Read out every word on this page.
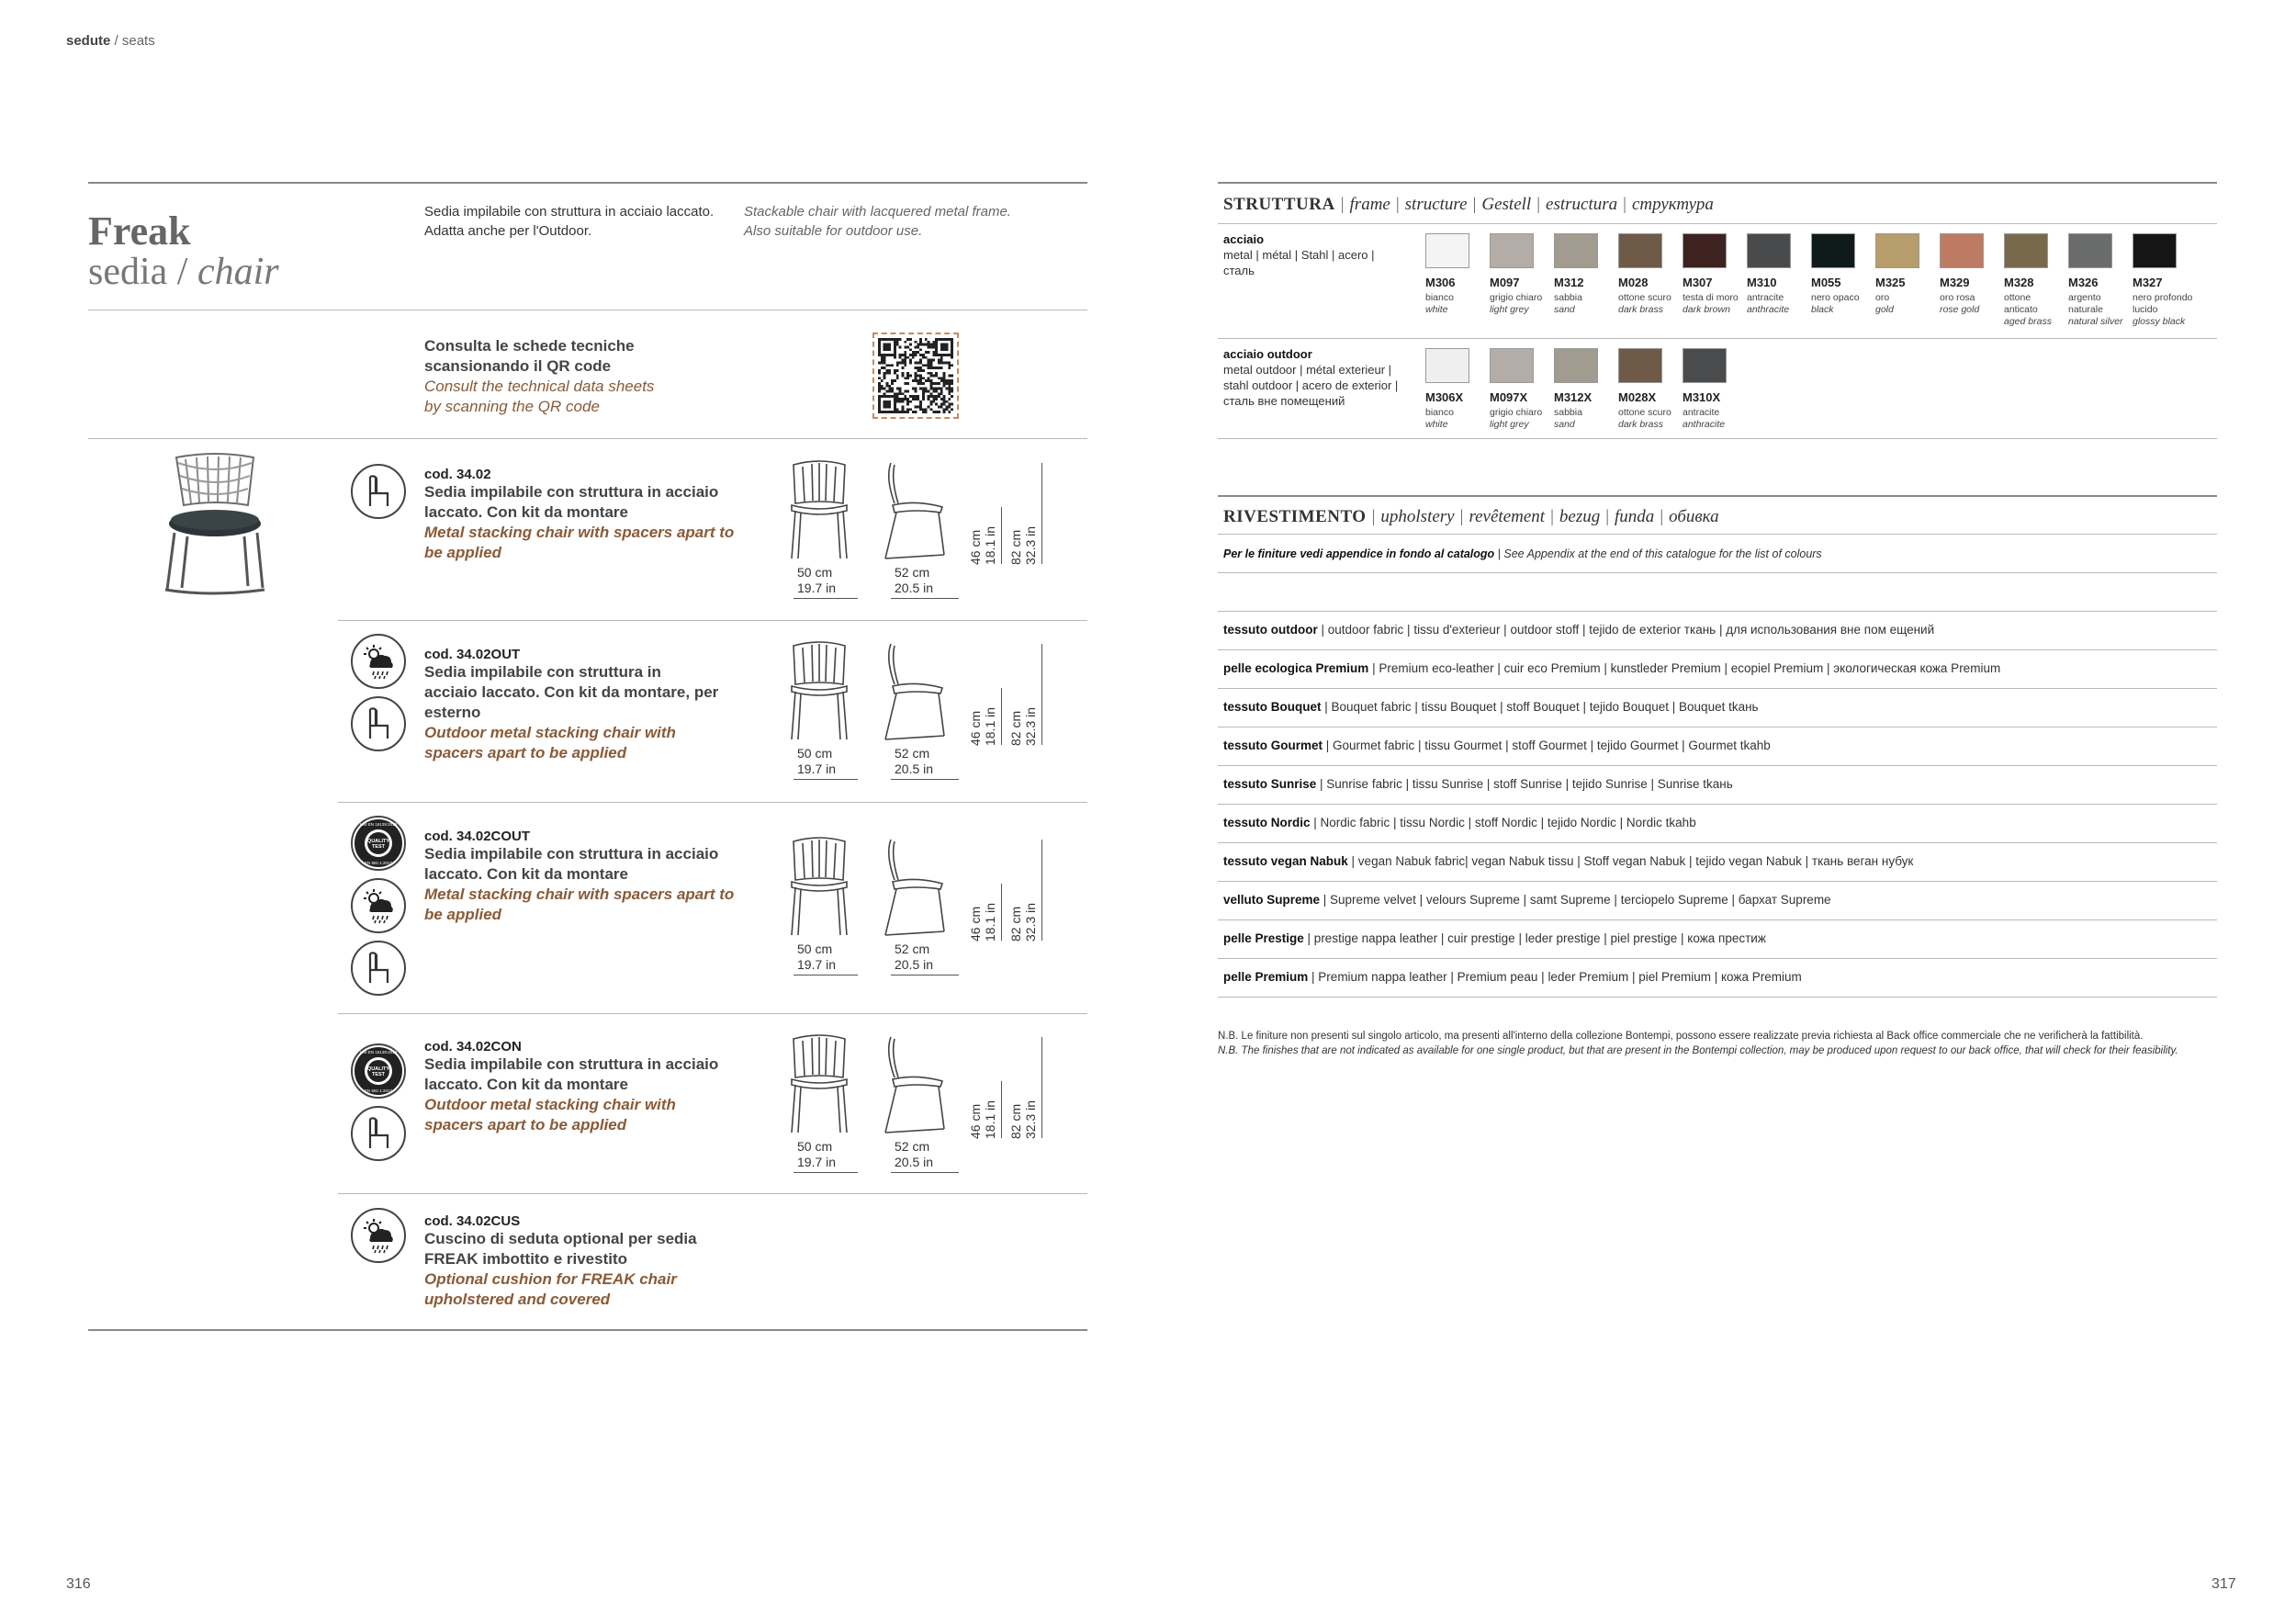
sedute / seats
316	317
Freak
sedia / chair
Sedia impilabile con struttura in acciaio laccato.
Adatta anche per l'Outdoor.
Stackable chair with lacquered metal frame.
Also suitable for outdoor use.
Consulta le schede tecniche
scansionando il QR code
Consult the technical data sheets
by scanning the QR code
cod. 34.02
Sedia impilabile con struttura in acciaio
laccato. Con kit da montare
Metal stacking chair with spacers apart to
be applied
cod. 34.02OUT
Sedia impilabile con struttura in
acciaio laccato. Con kit da montare, per
esterno
Outdoor metal stacking chair with
spacers apart to be applied
QUALITY
TEST
UNI EN 16139:2013
EN 581:1:2017
cod. 34.02COUT
Sedia impilabile con struttura in acciaio
laccato. Con kit da montare
Metal stacking chair with spacers apart to
be applied
QUALITY
TEST
UNI EN 16139:2013
EN 581:1:2017
cod. 34.02CON
Sedia impilabile con struttura in acciaio
laccato. Con kit da montare
Outdoor metal stacking chair with
spacers apart to be applied
cod. 34.02CUS
Cuscino di seduta optional per sedia
FREAK imbottito e rivestito
Optional cushion for FREAK chair
upholstered and covered
50 cm
19.7 in
52 cm
20.5 in
46 cm 18.1 in 82 cm 32.3 in
50 cm
19.7 in
52 cm
20.5 in
46 cm 18.1 in 82 cm 32.3 in
50 cm
19.7 in
52 cm
20.5 in
46 cm 18.1 in 82 cm 32.3 in
50 cm
19.7 in
52 cm
20.5 in
46 cm 18.1 in 82 cm 32.3 in
STRUTTURA | frame | structure | Gestell | estructura | структура
acciaio
metal | métal | Stahl | acero |
сталь
M306
bianco
white
M097
grigio chiaro
light grey
M312
sabbia
sand
M028
ottone scuro
dark brass
M307
testa di moro
dark brown
M310
antracite
anthracite
M055
nero opaco
black
M325
oro
gold
M329
oro rosa
rose gold
M328
ottone anticato
aged brass
M326
argento naturale
natural silver
M327
nero profondo lucido
glossy black
acciaio outdoor
metal outdoor | métal exterieur |
stahl outdoor | acero de exterior |
сталь вне помещений	M306X
bianco
white
M097X
grigio chiaro
light grey
M312X
sabbia
sand
M028X
ottone scuro
dark brass
M310X
antracite
anthracite
RIVESTIMENTO | upholstery | revêtement | bezug | funda | обивка
Per le finiture vedi appendice in fondo al catalogo | See Appendix at the end of this catalogue for the list of colours
tessuto outdoor | outdoor fabric | tissu d'exterieur | outdoor stoff | tejido de exterior ткань | для использования вне пом ещений
pelle ecologica Premium | Premium eco-leather | cuir eco Premium | kunstleder Premium | ecopiel Premium | экологическая кожа Premium
tessuto Bouquet | Bouquet fabric | tissu Bouquet | stoff Bouquet | tejido Bouquet | Bouquet tkaнь
tessuto Gourmet | Gourmet fabric | tissu Gourmet | stoff Gourmet | tejido Gourmet | Gourmet tkahb
tessuto Sunrise | Sunrise fabric | tissu Sunrise | stoff Sunrise | tejido Sunrise | Sunrise tkaнь
tessuto Nordic | Nordic fabric | tissu Nordic | stoff Nordic | tejido Nordic | Nordic tkahb
tessuto vegan Nabuk | vegan Nabuk fabric| vegan Nabuk tissu | Stoff vegan Nabuk | tejido vegan Nabuk | ткань веган нубук
velluto Supreme | Supreme velvet | velours Supreme | samt Supreme | terciopelo Supreme | бархат Supreme
pelle Prestige | prestige nappa leather | cuir prestige | leder prestige | piel prestige | кожа престиж
pelle Premium | Premium nappa leather | Premium peau | leder Premium | piel Premium | кожа Premium
N.B. Le finiture non presenti sul singolo articolo, ma presenti all'interno della collezione Bontempi, possono essere realizzate previa richiesta al Back office commerciale che ne verificherà la fattibilità.
N.B. The finishes that are not indicated as available for one single product, but that are present in the Bontempi collection, may be produced upon request to our back office, that will check for their feasibility.
